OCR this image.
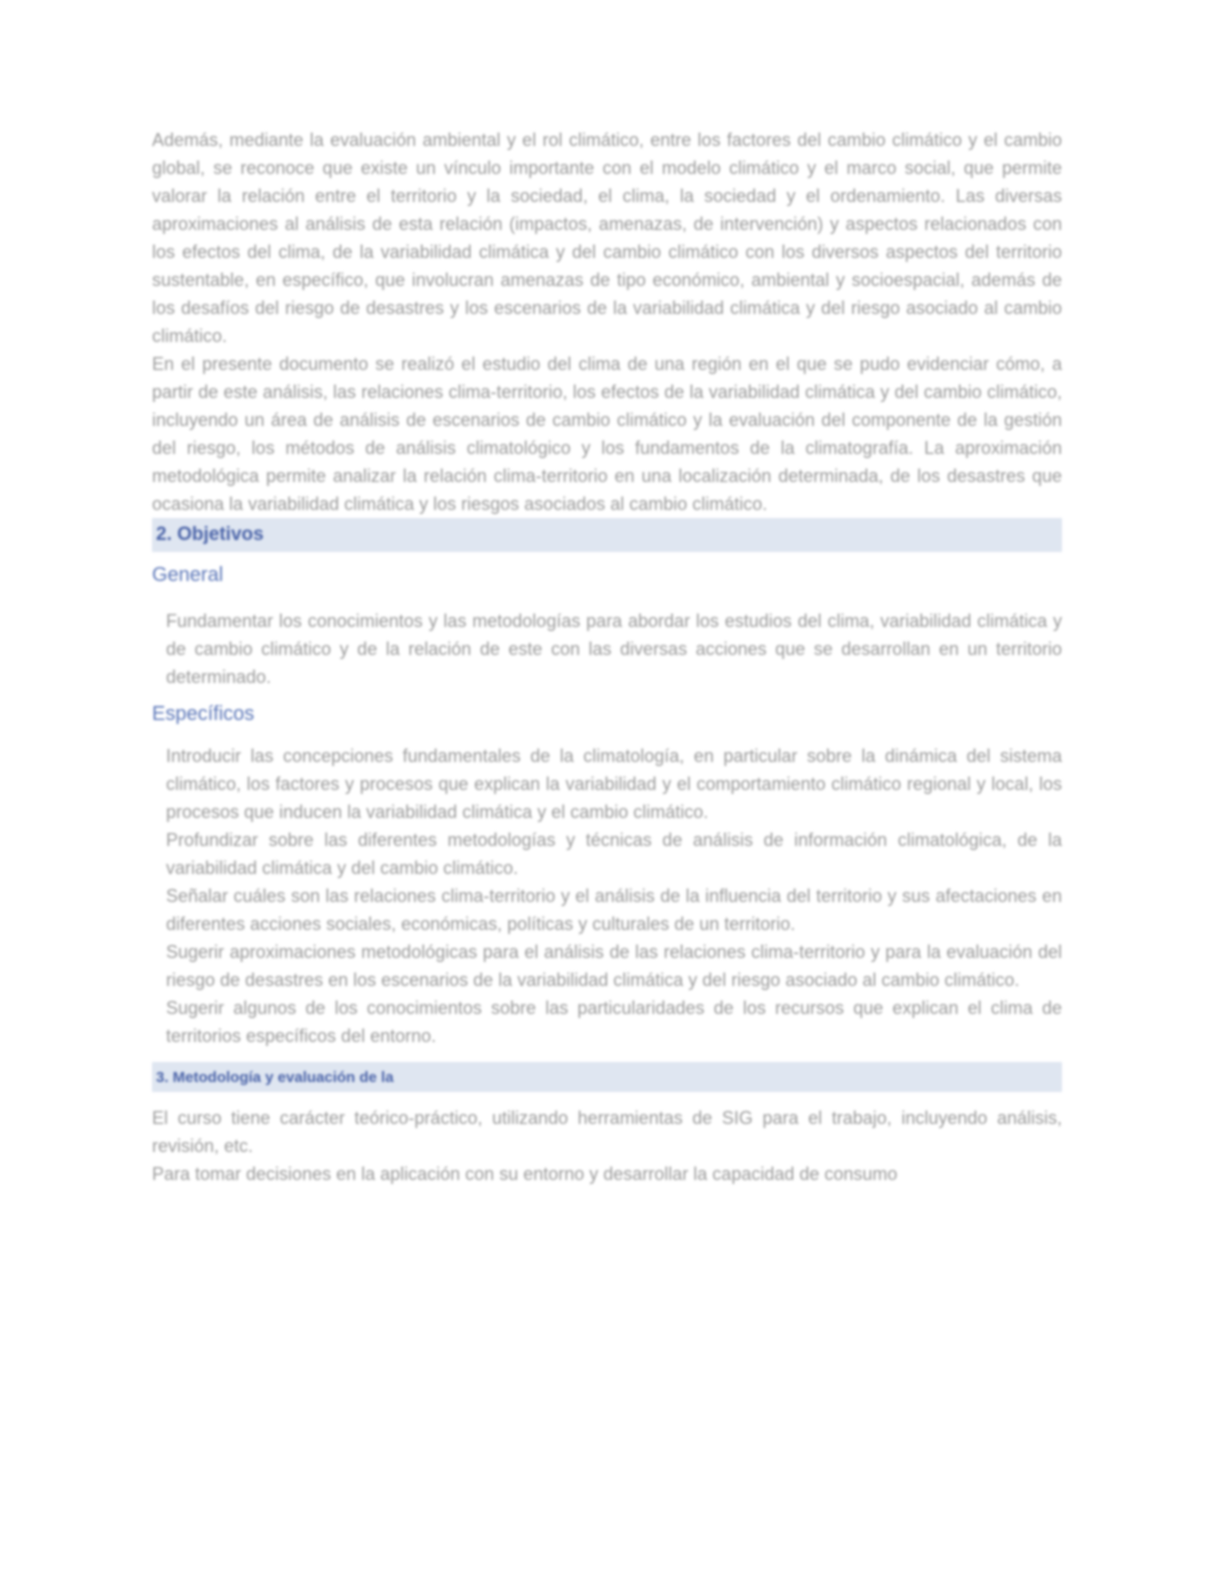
Además, mediante la evaluación ambiental y el rol climático, entre los factores del cambio climático y el cambio global, se reconoce que existe un vínculo importante con el modelo climático y el marco social, que permite valorar la relación entre el territorio y la sociedad, el clima, la sociedad y el ordenamiento. Las diversas aproximaciones al análisis de esta relación (impactos, amenazas, de intervención) y aspectos relacionados con los efectos del clima, de la variabilidad climática y del cambio climático con los diversos aspectos del territorio sustentable, en específico, que involucran amenazas de tipo económico, ambiental y socioespacial, además de los desafíos del riesgo de desastres y los escenarios de la variabilidad climática y del riesgo asociado al cambio climático.

En el presente documento se realizó el estudio del clima de una región en el que se pudo evidenciar cómo, a partir de este análisis, las relaciones clima-territorio, los efectos de la variabilidad climática y del cambio climático, incluyendo un área de análisis de escenarios de cambio climático y la evaluación del componente de la gestión del riesgo, los métodos de análisis climatológico y los fundamentos de la climatografía. La aproximación metodológica permite analizar la relación clima-territorio en una localización determinada, de los desastres que ocasiona la variabilidad climática y los riesgos asociados al cambio climático.

2. Objetivos
General

Fundamentar los conocimientos y las metodologías para abordar los estudios del clima, variabilidad climática y de cambio climático y de la relación de este con las diversas acciones que se desarrollan en un territorio determinado.

Específicos

Introducir las concepciones fundamentales de la climatología, en particular sobre la dinámica del sistema climático, los factores y procesos que explican la variabilidad y el comportamiento climático regional y local, los procesos que inducen la variabilidad climática y el cambio climático.

Profundizar sobre las diferentes metodologías y técnicas de análisis de información climatológica, de la variabilidad climática y del cambio climático.

Señalar cuáles son las relaciones clima-territorio y el análisis de la influencia del territorio y sus afectaciones en diferentes acciones sociales, económicas, políticas y culturales de un territorio.

Sugerir aproximaciones metodológicas para el análisis de las relaciones clima-territorio y para la evaluación del riesgo de desastres en los escenarios de la variabilidad climática y del riesgo asociado al cambio climático.

Sugerir algunos de los conocimientos sobre las particularidades de los recursos que explican el clima de territorios específicos del entorno.

3. Metodología y evaluación de la

El curso tiene carácter teórico-práctico, utilizando herramientas de SIG para el trabajo, incluyendo análisis, revisión, etc.

Para tomar decisiones en la aplicación con su entorno y desarrollar la capacidad de consumo
